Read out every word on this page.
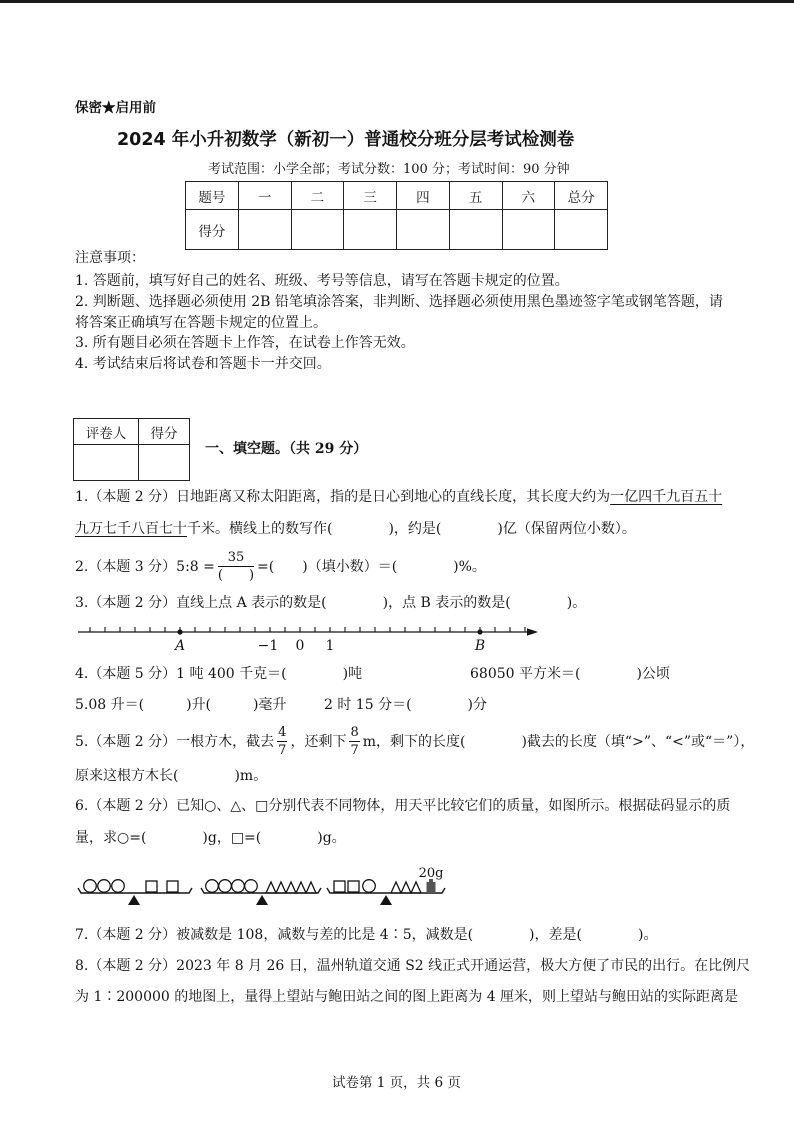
保密★启用前
2024 年小升初数学（新初一）普通校分班分层考试检测卷
考试范围：小学全部；考试分数：100 分；考试时间：90 分钟
题号	一	二	三	四	五	六	总分
得分							
注意事项：
1. 答题前，填写好自己的姓名、班级、考号等信息，请写在答题卡规定的位置。
2. 判断题、选择题必须使用 2B 铅笔填涂答案，非判断、选择题必须使用黑色墨迹签字笔或钢笔答题，请
将答案正确填写在答题卡规定的位置上。
3. 所有题目必须在答题卡上作答，在试卷上作答无效。
4. 考试结束后将试卷和答题卡一并交回。
评卷人	得分

一、填空题。（共 29 分）
1.（本题 2 分）日地距离又称太阳距离，指的是日心到地心的直线长度，其长度大约为一亿四千九百五十
九万七千八百七十千米。横线上的数写作(　　　　)，约是(　　　　)亿（保留两位小数）。
2.（本题 3 分）5:8 = $\frac{35}{( )}$ =(　　)（填小数）＝(　　　　)%。
3.（本题 2 分）直线上点 A 表示的数是(　　　　)，点 B 表示的数是(　　　　)。
A	−1 0 1	B
4.（本题 5 分）1 吨 400 千克＝(　　　　)吨	68050 平方米＝(　　　　)公顷
5.08 升＝(　　　)升(　　　)毫升	2 时 15 分＝(　　　　)分
5.（本题 2 分）一根方木，截去 $\frac{4}{7}$ ，还剩下 $\frac{8}{7}$ m，剩下的长度(　　　　)截去的长度（填“>”、“<”或“＝”），
原来这根方木长(　　　　)m。
6.（本题 2 分）已知○、△、□分别代表不同物体，用天平比较它们的质量，如图所示。根据砝码显示的质
量，求○=(　　　　)g，□=(　　　　)g。
20g
7.（本题 2 分）被减数是 108，减数与差的比是 4∶5，减数是(　　　　)，差是(　　　　)。
8.（本题 2 分）2023 年 8 月 26 日，温州轨道交通 S2 线正式开通运营，极大方便了市民的出行。在比例尺
为 1∶200000 的地图上，量得上望站与鲍田站之间的图上距离为 4 厘米，则上望站与鲍田站的实际距离是
试卷第 1 页，共 6 页
